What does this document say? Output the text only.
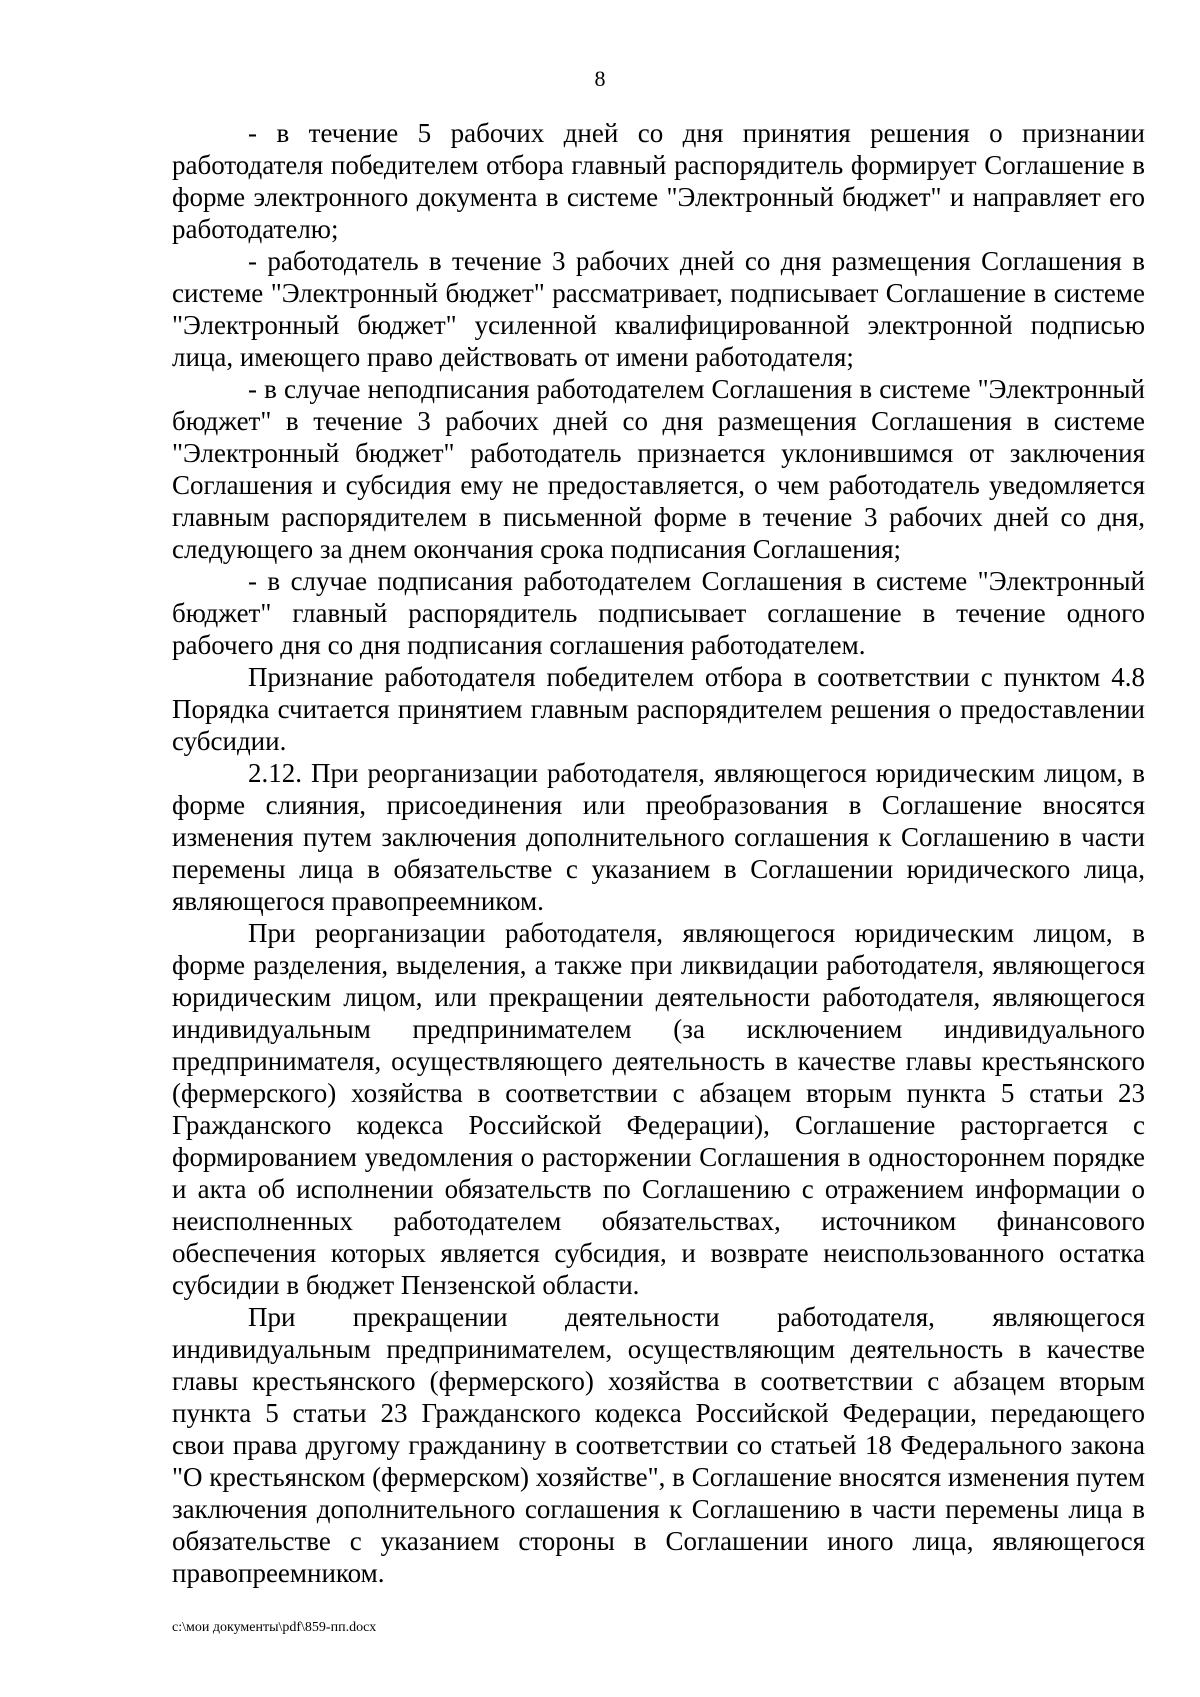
8

- в течение 5 рабочих дней со дня принятия решения о признании работодателя победителем отбора главный распорядитель формирует Соглашение в форме электронного документа в системе "Электронный бюджет" и направляет его работодателю;

- работодатель в течение 3 рабочих дней со дня размещения Соглашения в системе "Электронный бюджет" рассматривает, подписывает Соглашение в системе "Электронный бюджет" усиленной квалифицированной электронной подписью лица, имеющего право действовать от имени работодателя;

- в случае неподписания работодателем Соглашения в системе "Электронный бюджет" в течение 3 рабочих дней со дня размещения Соглашения в системе "Электронный бюджет" работодатель признается уклонившимся от заключения Соглашения и субсидия ему не предоставляется, о чем работодатель уведомляется главным распорядителем в письменной форме в течение 3 рабочих дней со дня, следующего за днем окончания срока подписания Соглашения;

- в случае подписания работодателем Соглашения в системе "Электронный бюджет" главный распорядитель подписывает соглашение в течение одного рабочего дня со дня подписания соглашения работодателем.

Признание работодателя победителем отбора в соответствии с пунктом 4.8 Порядка считается принятием главным распорядителем решения о предоставлении субсидии.

2.12. При реорганизации работодателя, являющегося юридическим лицом, в форме слияния, присоединения или преобразования в Соглашение вносятся изменения путем заключения дополнительного соглашения к Соглашению в части перемены лица в обязательстве с указанием в Соглашении юридического лица, являющегося правопреемником.

При реорганизации работодателя, являющегося юридическим лицом, в форме разделения, выделения, а также при ликвидации работодателя, являющегося юридическим лицом, или прекращении деятельности работодателя, являющегося индивидуальным предпринимателем (за исключением индивидуального предпринимателя, осуществляющего деятельность в качестве главы крестьянского (фермерского) хозяйства в соответствии с абзацем вторым пункта 5 статьи 23 Гражданского кодекса Российской Федерации), Соглашение расторгается с формированием уведомления о расторжении Соглашения в одностороннем порядке и акта об исполнении обязательств по Соглашению с отражением информации о неисполненных работодателем обязательствах, источником финансового обеспечения которых является субсидия, и возврате неиспользованного остатка субсидии в бюджет Пензенской области.

При прекращении деятельности работодателя, являющегося индивидуальным предпринимателем, осуществляющим деятельность в качестве главы крестьянского (фермерского) хозяйства в соответствии с абзацем вторым пункта 5 статьи 23 Гражданского кодекса Российской Федерации, передающего свои права другому гражданину в соответствии со статьей 18 Федерального закона "О крестьянском (фермерском) хозяйстве", в Соглашение вносятся изменения путем заключения дополнительного соглашения к Соглашению в части перемены лица в обязательстве с указанием стороны в Соглашении иного лица, являющегося правопреемником.

c:\мои документы\pdf\859-пп.docx
